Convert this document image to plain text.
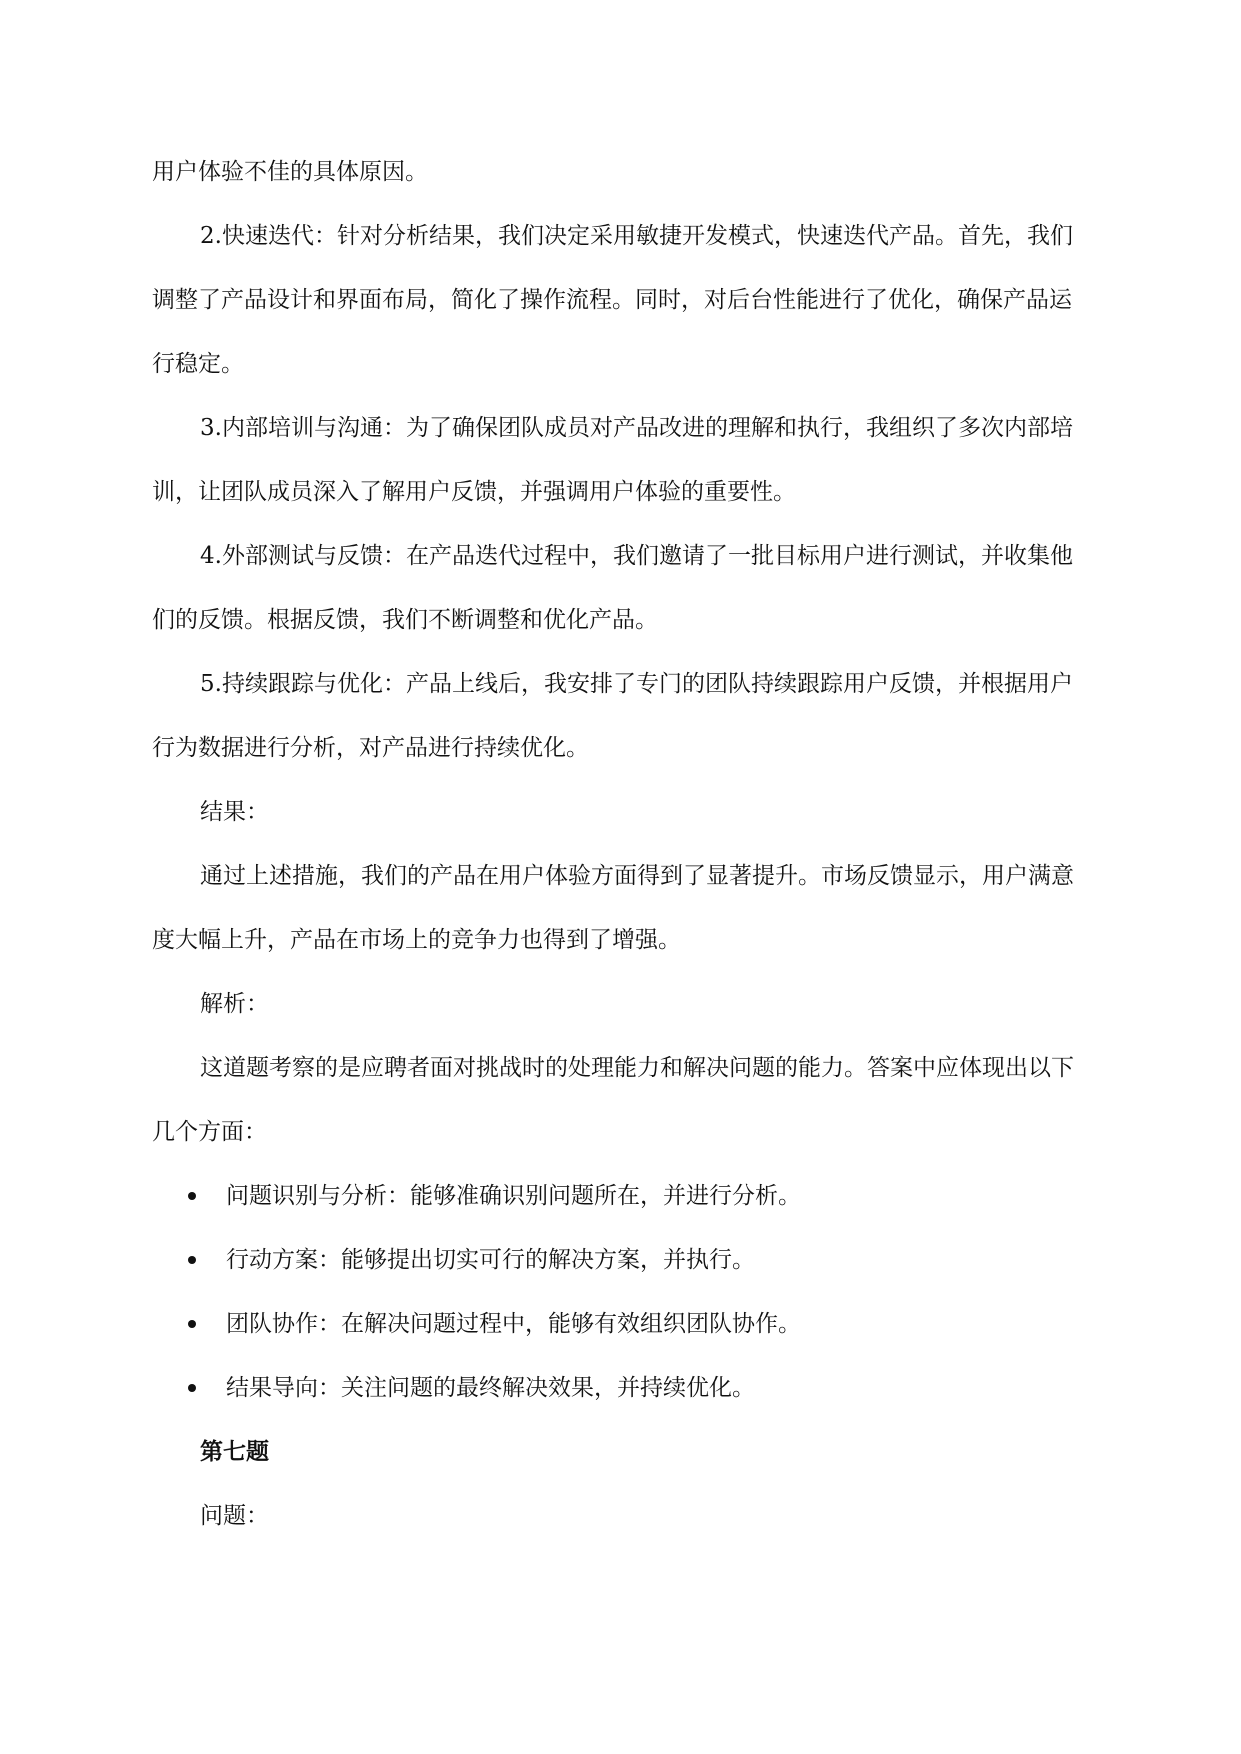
用户体验不佳的具体原因。

2.快速迭代：针对分析结果，我们决定采用敏捷开发模式，快速迭代产品。首先，我们调整了产品设计和界面布局，简化了操作流程。同时，对后台性能进行了优化，确保产品运行稳定。

3.内部培训与沟通：为了确保团队成员对产品改进的理解和执行，我组织了多次内部培训，让团队成员深入了解用户反馈，并强调用户体验的重要性。

4.外部测试与反馈：在产品迭代过程中，我们邀请了一批目标用户进行测试，并收集他们的反馈。根据反馈，我们不断调整和优化产品。

5.持续跟踪与优化：产品上线后，我安排了专门的团队持续跟踪用户反馈，并根据用户行为数据进行分析，对产品进行持续优化。

结果：

通过上述措施，我们的产品在用户体验方面得到了显著提升。市场反馈显示，用户满意度大幅上升，产品在市场上的竞争力也得到了增强。

解析：

这道题考察的是应聘者面对挑战时的处理能力和解决问题的能力。答案中应体现出以下几个方面：

问题识别与分析：能够准确识别问题所在，并进行分析。
行动方案：能够提出切实可行的解决方案，并执行。
团队协作：在解决问题过程中，能够有效组织团队协作。
结果导向：关注问题的最终解决效果，并持续优化。

第七题

问题：
